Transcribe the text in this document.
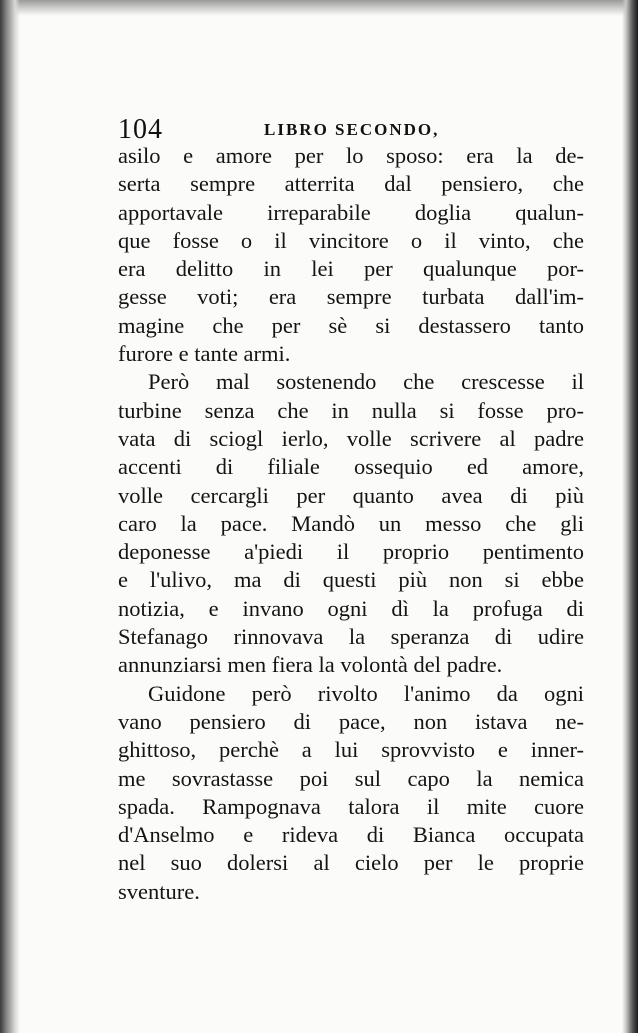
104	LIBRO SECONDO,
asilo e amore per lo sposo: era la de-
serta sempre atterrita dal pensiero, che
apportavale irreparabile doglia qualun-
que fosse o il vincitore o il vinto, che
era delitto in lei per qualunque por-
gesse voti; era sempre turbata dall'im-
magine che per sè si destassero tanto
furore e tante armi.
Però mal sostenendo che crescesse il
turbine senza che in nulla si fosse pro-
vata di sciogl ierlo, volle scrivere al padre
accenti di filiale ossequio ed amore,
volle cercargli per quanto avea di più
caro la pace. Mandò un messo che gli
deponesse a'piedi il proprio pentimento
e l'ulivo, ma di questi più non si ebbe
notizia, e invano ogni dì la profuga di
Stefanago rinnovava la speranza di udire
annunziarsi men fiera la volontà del padre.
Guidone però rivolto l'animo da ogni
vano pensiero di pace, non istava ne-
ghittoso, perchè a lui sprovvisto e inner-
me sovrastasse poi sul capo la nemica
spada. Rampognava talora il mite cuore
d'Anselmo e rideva di Bianca occupata
nel suo dolersi al cielo per le proprie
sventure.
